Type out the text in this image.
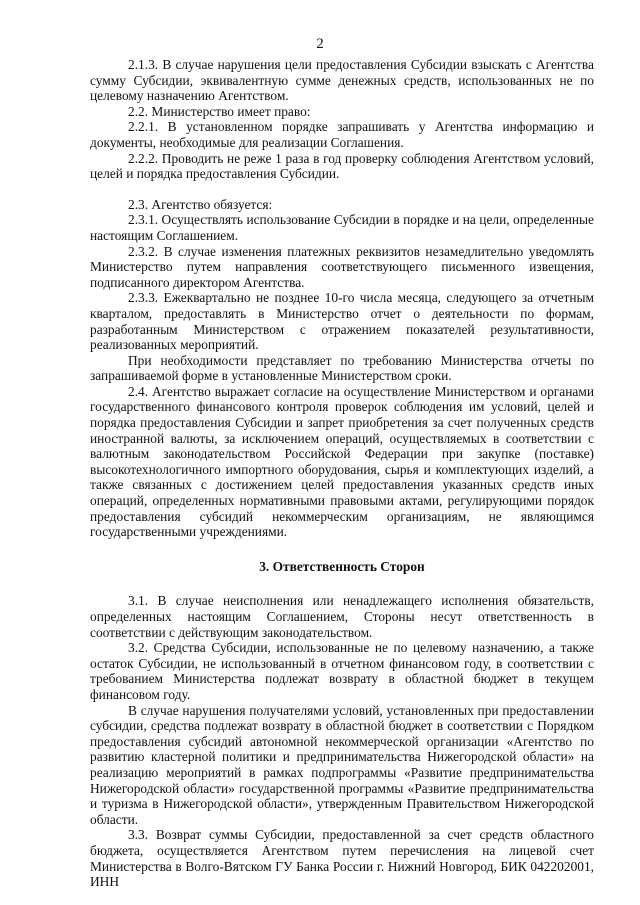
2

2.1.3. В случае нарушения цели предоставления Субсидии взыскать с Агентства сумму Субсидии, эквивалентную сумме денежных средств, использованных не по целевому назначению Агентством.

2.2. Министерство имеет право:

2.2.1. В установленном порядке запрашивать у Агентства информацию и документы, необходимые для реализации Соглашения.

2.2.2. Проводить не реже 1 раза в год проверку соблюдения Агентством условий, целей и порядка предоставления Субсидии.

2.3. Агентство обязуется:

2.3.1. Осуществлять использование Субсидии в порядке и на цели, определенные настоящим Соглашением.

2.3.2. В случае изменения платежных реквизитов незамедлительно уведомлять Министерство путем направления соответствующего письменного извещения, подписанного директором Агентства.

2.3.3. Ежеквартально не позднее 10-го числа месяца, следующего за отчетным кварталом, предоставлять в Министерство отчет о деятельности по формам, разработанным Министерством с отражением показателей результативности, реализованных мероприятий.

При необходимости представляет по требованию Министерства отчеты по запрашиваемой форме в установленные Министерством сроки.

2.4. Агентство выражает согласие на осуществление Министерством и органами государственного финансового контроля проверок соблюдения им условий, целей и порядка предоставления Субсидии и запрет приобретения за счет полученных средств иностранной валюты, за исключением операций, осуществляемых в соответствии с валютным законодательством Российской Федерации при закупке (поставке) высокотехнологичного импортного оборудования, сырья и комплектующих изделий, а также связанных с достижением целей предоставления указанных средств иных операций, определенных нормативными правовыми актами, регулирующими порядок предоставления субсидий некоммерческим организациям, не являющимся государственными учреждениями.

3. Ответственность Сторон

3.1. В случае неисполнения или ненадлежащего исполнения обязательств, определенных настоящим Соглашением, Стороны несут ответственность в соответствии с действующим законодательством.

3.2. Средства Субсидии, использованные не по целевому назначению, а также остаток Субсидии, не использованный в отчетном финансовом году, в соответствии с требованием Министерства подлежат возврату в областной бюджет в текущем финансовом году.

В случае нарушения получателями условий, установленных при предоставлении субсидии, средства подлежат возврату в областной бюджет в соответствии с Порядком предоставления субсидий автономной некоммерческой организации «Агентство по развитию кластерной политики и предпринимательства Нижегородской области» на реализацию мероприятий в рамках подпрограммы «Развитие предпринимательства Нижегородской области» государственной программы «Развитие предпринимательства и туризма в Нижегородской области», утвержденным Правительством Нижегородской области.

3.3. Возврат суммы Субсидии, предоставленной за счет средств областного бюджета, осуществляется Агентством путем перечисления на лицевой счет Министерства в Волго-Вятском ГУ Банка России г. Нижний Новгород, БИК 042202001, ИНН
